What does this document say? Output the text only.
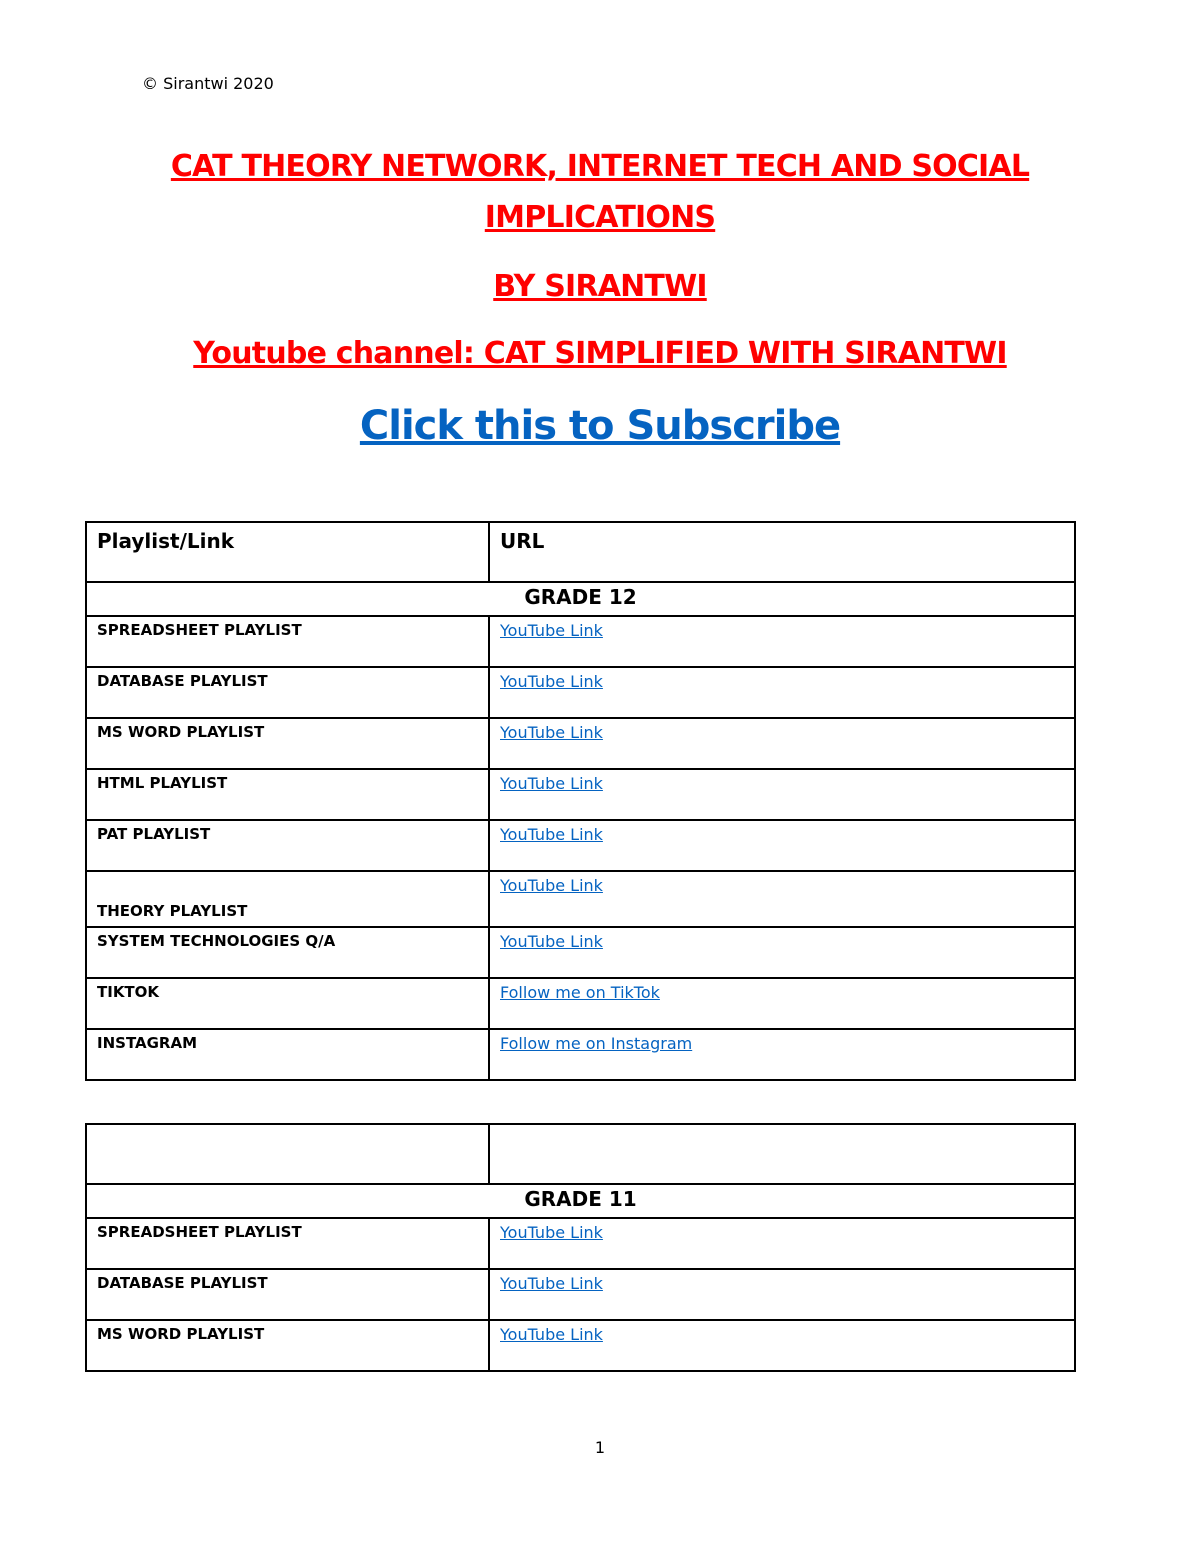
© Sirantwi 2020
CAT THEORY NETWORK, INTERNET TECH AND SOCIAL
IMPLICATIONS
BY SIRANTWI
Youtube channel: CAT SIMPLIFIED WITH SIRANTWI
Click this to Subscribe
Playlist/Link	URL
GRADE 12	
SPREADSHEET PLAYLIST	YouTube Link
DATABASE PLAYLIST	YouTube Link
MS WORD PLAYLIST	YouTube Link
HTML PLAYLIST	YouTube Link
PAT PLAYLIST	YouTube Link
THEORY PLAYLIST	YouTube Link
SYSTEM TECHNOLOGIES Q/A	YouTube Link
TIKTOK	Follow me on TikTok
INSTAGRAM	Follow me on Instagram

GRADE 11	
SPREADSHEET PLAYLIST	YouTube Link
DATABASE PLAYLIST	YouTube Link
MS WORD PLAYLIST	YouTube Link
1
